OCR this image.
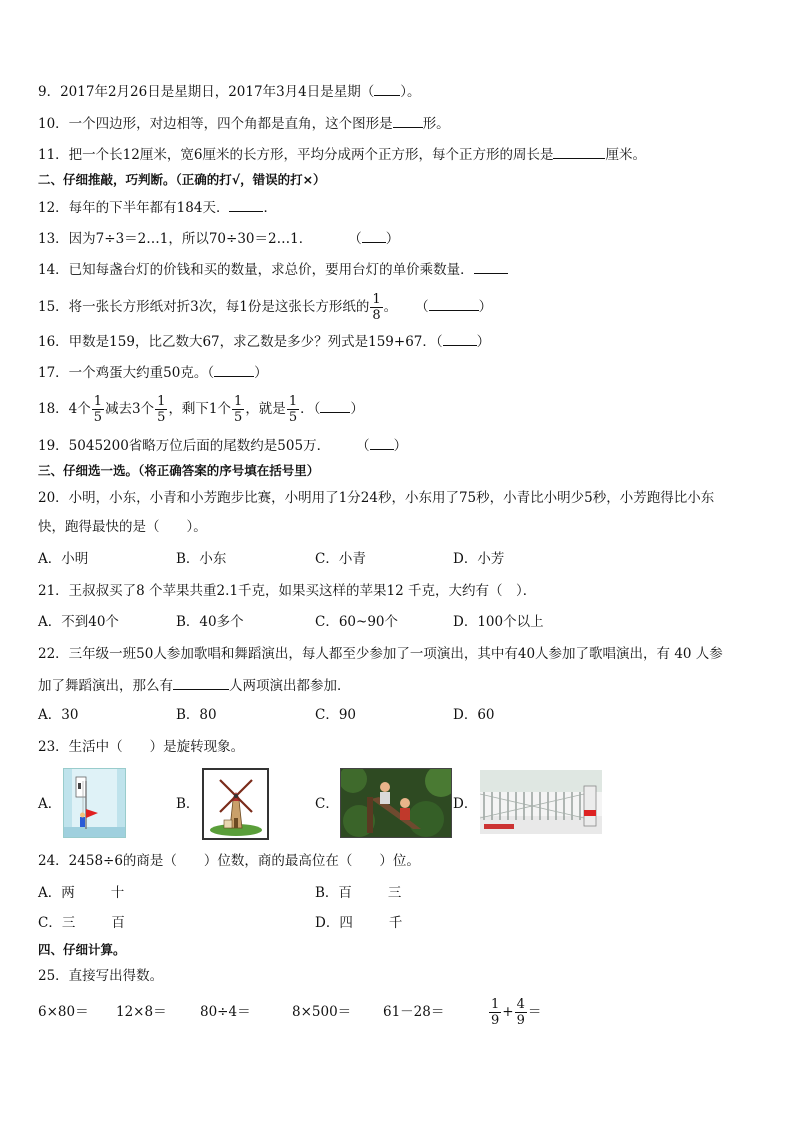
9．2017年2月26日是星期日，2017年3月4日是星期（ ）。
10．一个四边形，对边相等，四个角都是直角，这个图形是 形。
11．把一个长12厘米，宽6厘米的长方形，平均分成两个正方形，每个正方形的周长是	厘米。
二、仔细推敲，巧判断。（正确的打√，错误的打×）
12．每年的下半年都有184天．	．
13．因为7÷3＝2…1，所以70÷30＝2…1．	（ ）
14．已知每盏台灯的价钱和买的数量，求总价，要用台灯的单价乘数量．
15．将一张长方形纸对折3次，每1份是这张长方形纸的 $\frac{1}{8}$ 。 （	）
16．甲数是159，比乙数大67，求乙数是多少？列式是159+67．（	）
17．一个鸡蛋大约重50克。（	）
18．4个 $\frac{1}{5}$ 减去3个 $\frac{1}{5}$ ，剩下1个 $\frac{1}{5}$ ，就是 $\frac{1}{5}$ ．（ ）
19．5045200省略万位后面的尾数约是505万． （ ）
三、仔细选一选。（将正确答案的序号填在括号里）
20．小明，小东，小青和小芳跑步比赛，小明用了1分24秒，小东用了75秒，小青比小明少5秒，小芳跑得比小东
快，跑得最快的是（　　）。
A．小明	B．小东	C．小青	D．小芳
21．王叔叔买了8 个苹果共重2.1千克，如果买这样的苹果12 千克，大约有（　）．
A．不到40个	B．40多个	C．60~90个	D．100个以上
22．三年级一班50人参加歌唱和舞蹈演出，每人都至少参加了一项演出，其中有40人参加了歌唱演出，有 40 人参
加了舞蹈演出，那么有	人两项演出都参加．
A．30	B．80	C．90	D．60
23．生活中（　　）是旋转现象。
A．	B．	C．	D．
24．2458÷6的商是（　　）位数，商的最高位在（　　）位。
A．两	十	B．百	三
C．三	百	D．四	千
四、仔细计算。
25．直接写出得数。
6×80＝ 12×8＝ 80÷4＝	8×500＝ 61－28＝	$\frac{1}{9} + \frac{4}{9}$ ＝
